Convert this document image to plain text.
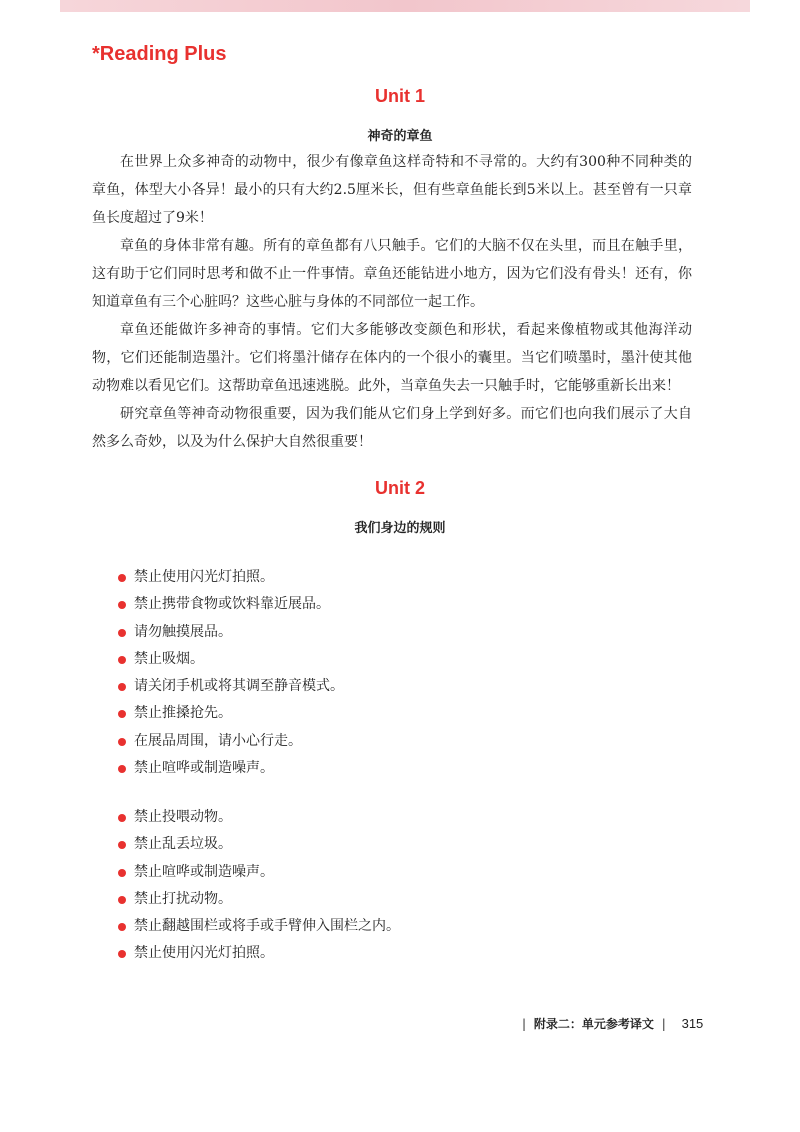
*Reading Plus
Unit 1
神奇的章鱼

在世界上众多神奇的动物中，很少有像章鱼这样奇特和不寻常的。大约有300种不同种类的章鱼，体型大小各异！最小的只有大约2.5厘米长，但有些章鱼能长到5米以上。甚至曾有一只章鱼长度超过了9米！

章鱼的身体非常有趣。所有的章鱼都有八只触手。它们的大脑不仅在头里，而且在触手里，这有助于它们同时思考和做不止一件事情。章鱼还能钻进小地方，因为它们没有骨头！还有，你知道章鱼有三个心脏吗？这些心脏与身体的不同部位一起工作。

章鱼还能做许多神奇的事情。它们大多能够改变颜色和形状，看起来像植物或其他海洋动物，它们还能制造墨汁。它们将墨汁储存在体内的一个很小的囊里。当它们喷墨时，墨汁使其他动物难以看见它们。这帮助章鱼迅速逃脱。此外，当章鱼失去一只触手时，它能够重新长出来！

研究章鱼等神奇动物很重要，因为我们能从它们身上学到好多。而它们也向我们展示了大自然多么奇妙，以及为什么保护大自然很重要！

Unit 2
我们身边的规则
禁止使用闪光灯拍照。
禁止携带食物或饮料靠近展品。
请勿触摸展品。
禁止吸烟。
请关闭手机或将其调至静音模式。
禁止推搡抢先。
在展品周围，请小心行走。
禁止喧哗或制造噪声。
禁止投喂动物。
禁止乱丢垃圾。
禁止喧哗或制造噪声。
禁止打扰动物。
禁止翻越围栏或将手或手臂伸入围栏之内。
禁止使用闪光灯拍照。
| 附录二：单元参考译文 | 315
